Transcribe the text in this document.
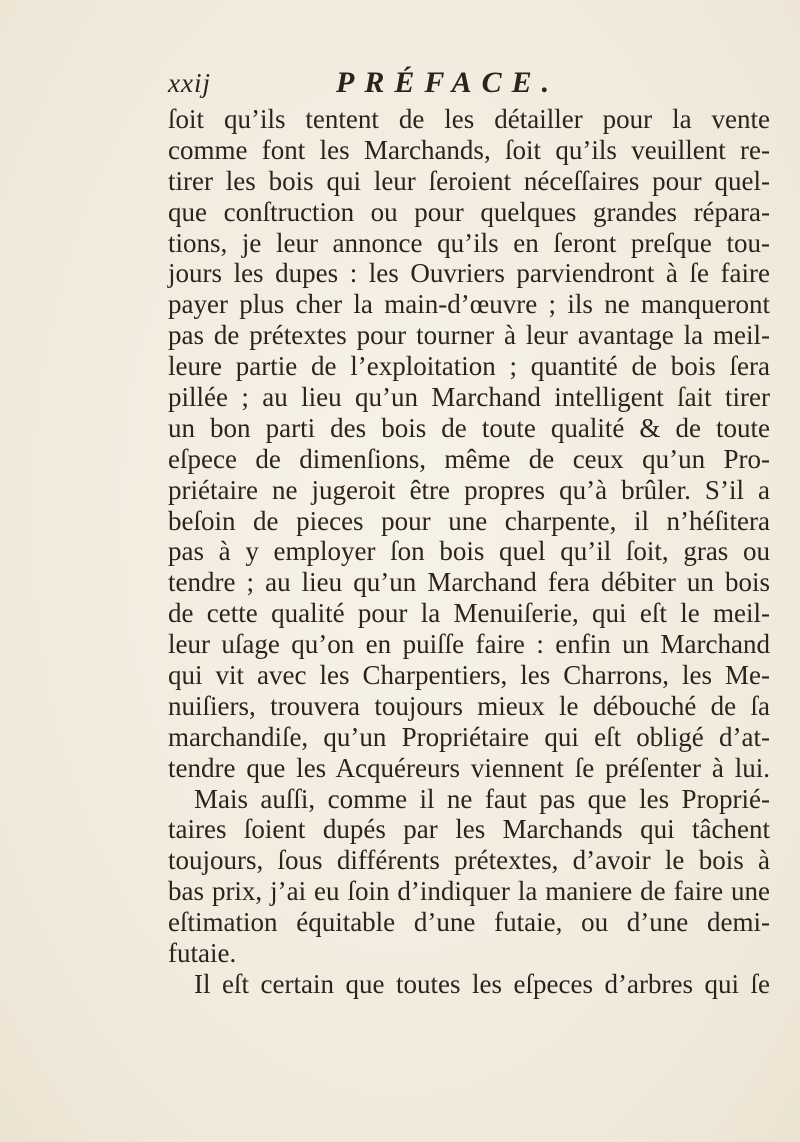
xxij	PRÉFACE.
ſoit qu’ils tentent de les détailler pour la vente
comme font les Marchands, ſoit qu’ils veuillent re-
tirer les bois qui leur ſeroient néceſſaires pour quel-
que conſtruction ou pour quelques grandes répara-
tions, je leur annonce qu’ils en ſeront preſque tou-
jours les dupes : les Ouvriers parviendront à ſe faire
payer plus cher la main-d’œuvre ; ils ne manqueront
pas de prétextes pour tourner à leur avantage la meil-
leure partie de l’exploitation ; quantité de bois ſera
pillée ; au lieu qu’un Marchand intelligent ſait tirer
un bon parti des bois de toute qualité & de toute
eſpece de dimenſions, même de ceux qu’un Pro-
priétaire ne jugeroit être propres qu’à brûler. S’il a
beſoin de pieces pour une charpente, il n’héſitera
pas à y employer ſon bois quel qu’il ſoit, gras ou
tendre ; au lieu qu’un Marchand fera débiter un bois
de cette qualité pour la Menuiſerie, qui eſt le meil-
leur uſage qu’on en puiſſe faire : enfin un Marchand
qui vit avec les Charpentiers, les Charrons, les Me-
nuiſiers, trouvera toujours mieux le débouché de ſa
marchandiſe, qu’un Propriétaire qui eſt obligé d’at-
tendre que les Acquéreurs viennent ſe préſenter à lui.
Mais auſſi, comme il ne faut pas que les Proprié-
taires ſoient dupés par les Marchands qui tâchent
toujours, ſous différents prétextes, d’avoir le bois à
bas prix, j’ai eu ſoin d’indiquer la maniere de faire une
eſtimation équitable d’une futaie, ou d’une demi-
futaie.
Il eſt certain que toutes les eſpeces d’arbres qui ſe
